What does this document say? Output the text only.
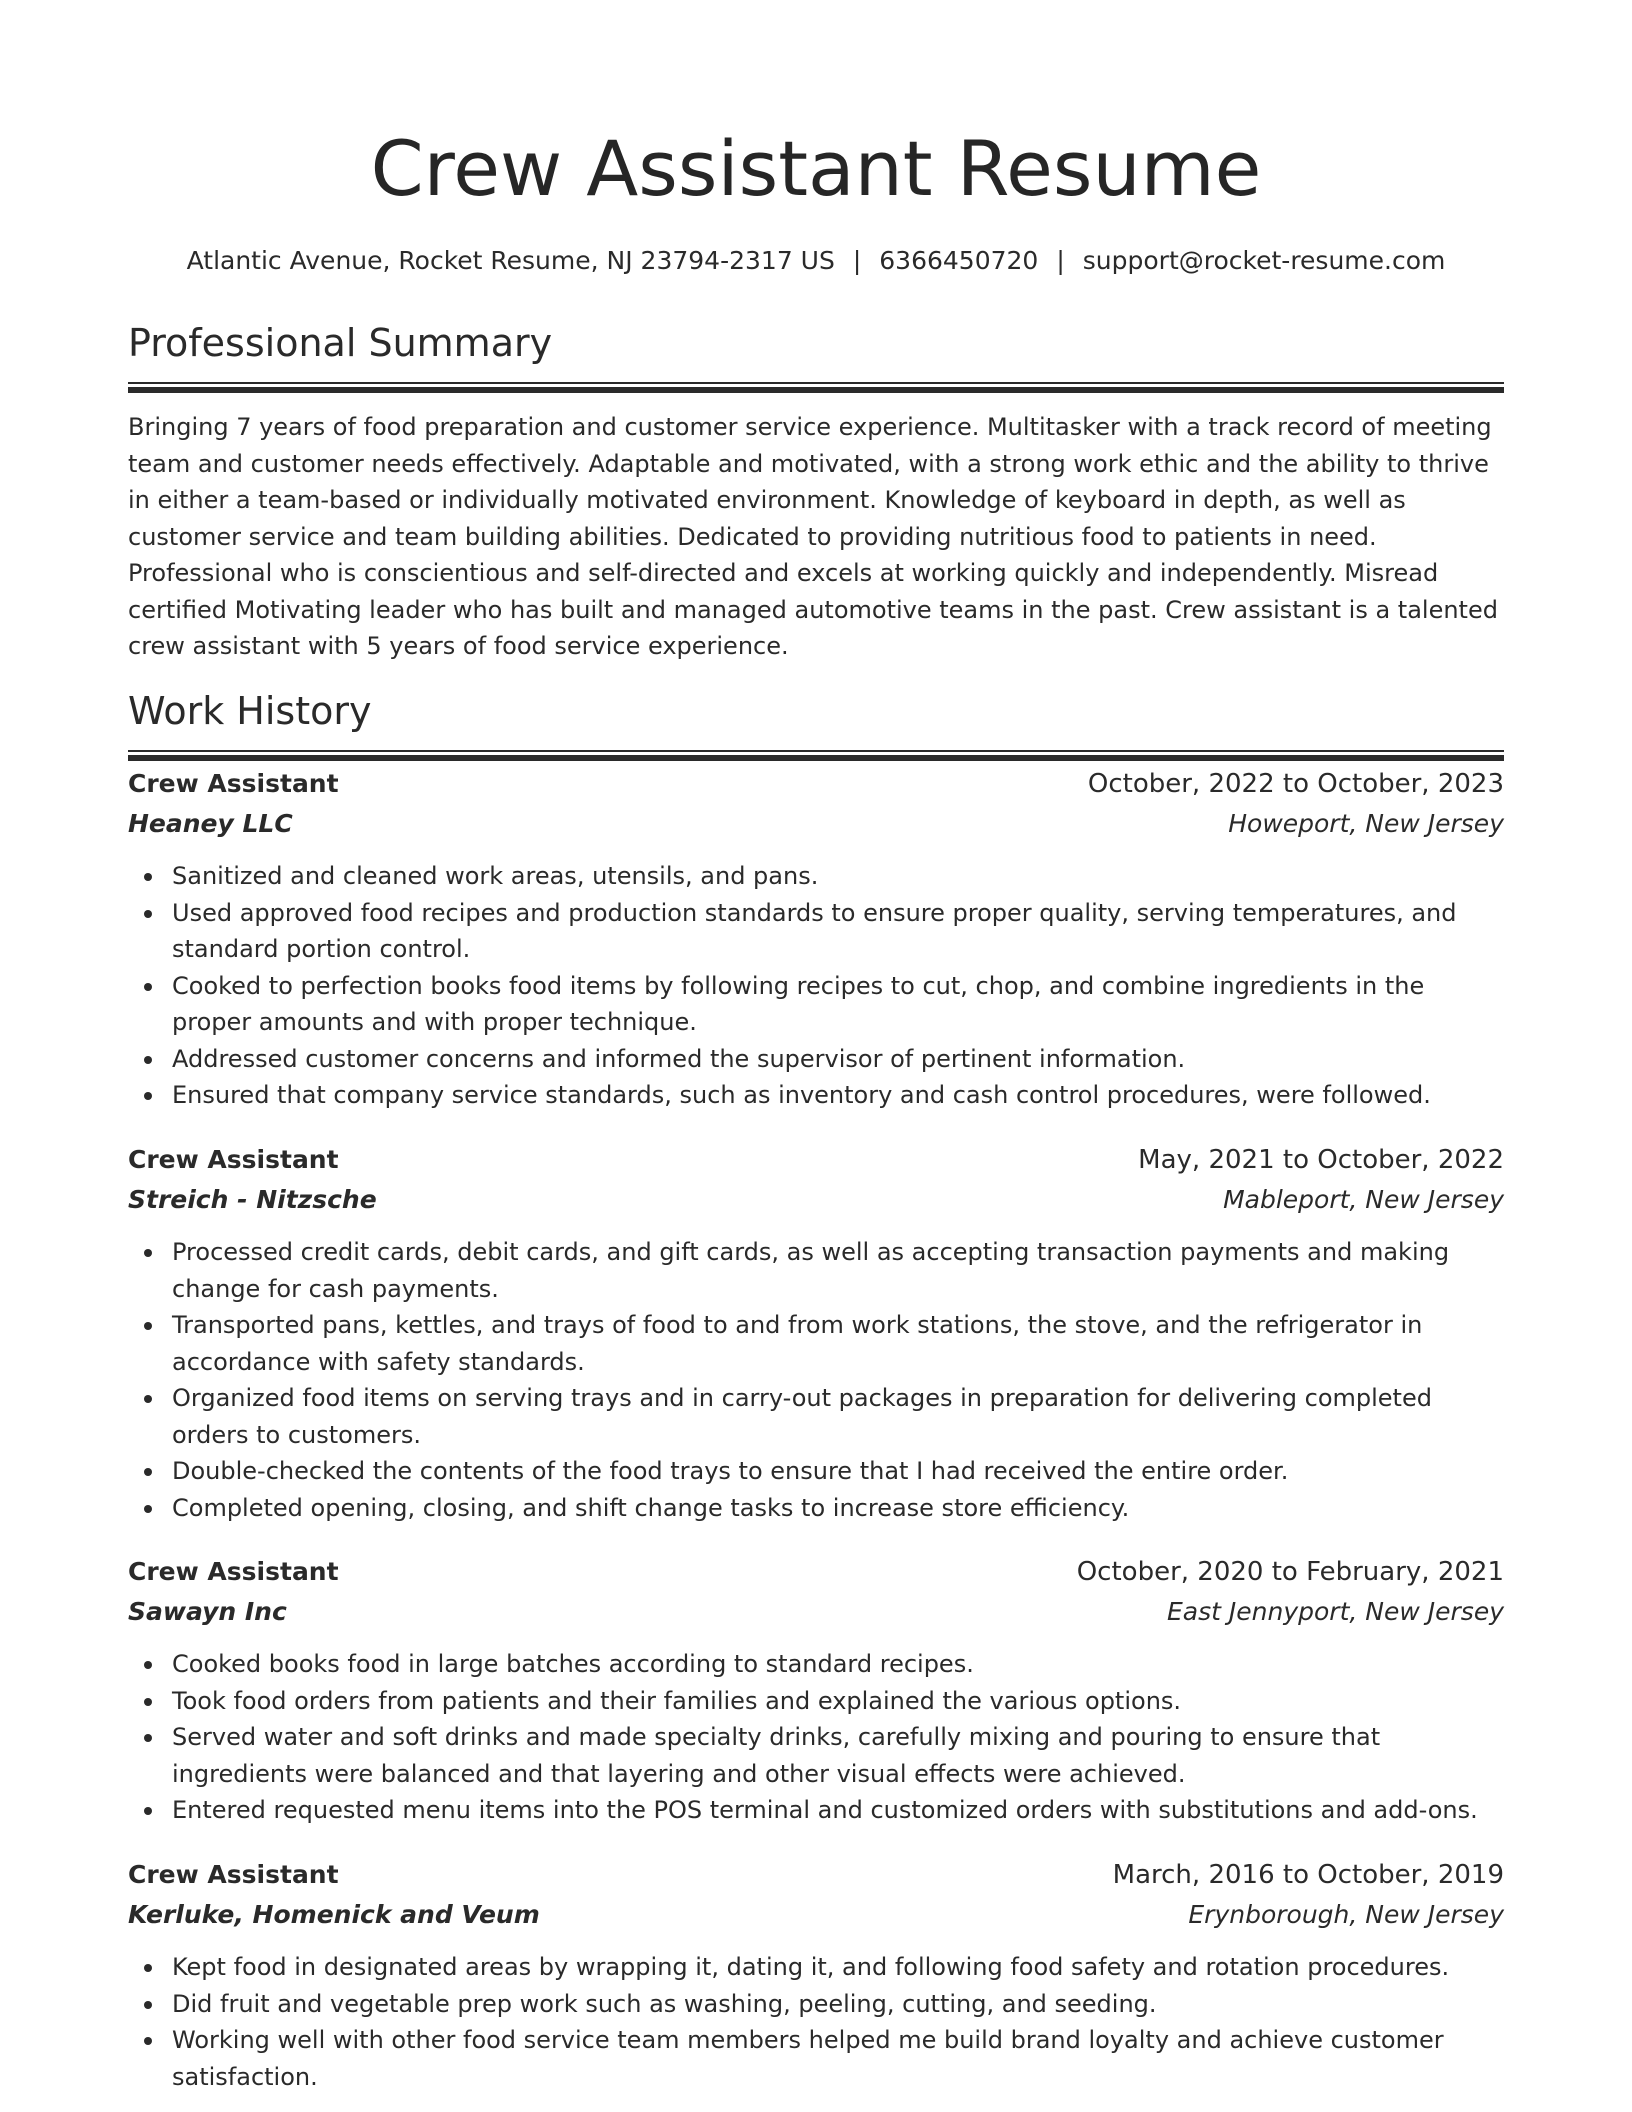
Crew Assistant Resume
Atlantic Avenue, Rocket Resume, NJ 23794-2317 US | 6366450720 | support@rocket-resume.com
Professional Summary

Bringing 7 years of food preparation and customer service experience. Multitasker with a track record of meeting team and customer needs effectively. Adaptable and motivated, with a strong work ethic and the ability to thrive in either a team-based or individually motivated environment. Knowledge of keyboard in depth, as well as customer service and team building abilities. Dedicated to providing nutritious food to patients in need. Professional who is conscientious and self-directed and excels at working quickly and independently. Misread certified Motivating leader who has built and managed automotive teams in the past. Crew assistant is a talented crew assistant with 5 years of food service experience.

Work History
Crew Assistant	October, 2022 to October, 2023
Heaney LLC	Howeport, New Jersey
Sanitized and cleaned work areas, utensils, and pans.
Used approved food recipes and production standards to ensure proper quality, serving temperatures, and standard portion control.
Cooked to perfection books food items by following recipes to cut, chop, and combine ingredients in the proper amounts and with proper technique.
Addressed customer concerns and informed the supervisor of pertinent information.
Ensured that company service standards, such as inventory and cash control procedures, were followed.
Crew Assistant	May, 2021 to October, 2022
Streich - Nitzsche	Mableport, New Jersey
Processed credit cards, debit cards, and gift cards, as well as accepting transaction payments and making change for cash payments.
Transported pans, kettles, and trays of food to and from work stations, the stove, and the refrigerator in accordance with safety standards.
Organized food items on serving trays and in carry-out packages in preparation for delivering completed orders to customers.
Double-checked the contents of the food trays to ensure that I had received the entire order.
Completed opening, closing, and shift change tasks to increase store efficiency.
Crew Assistant	October, 2020 to February, 2021
Sawayn Inc	East Jennyport, New Jersey
Cooked books food in large batches according to standard recipes.
Took food orders from patients and their families and explained the various options.
Served water and soft drinks and made specialty drinks, carefully mixing and pouring to ensure that ingredients were balanced and that layering and other visual effects were achieved.
Entered requested menu items into the POS terminal and customized orders with substitutions and add-ons.
Crew Assistant	March, 2016 to October, 2019
Kerluke, Homenick and Veum	Erynborough, New Jersey
Kept food in designated areas by wrapping it, dating it, and following food safety and rotation procedures.
Did fruit and vegetable prep work such as washing, peeling, cutting, and seeding.
Working well with other food service team members helped me build brand loyalty and achieve customer satisfaction.
